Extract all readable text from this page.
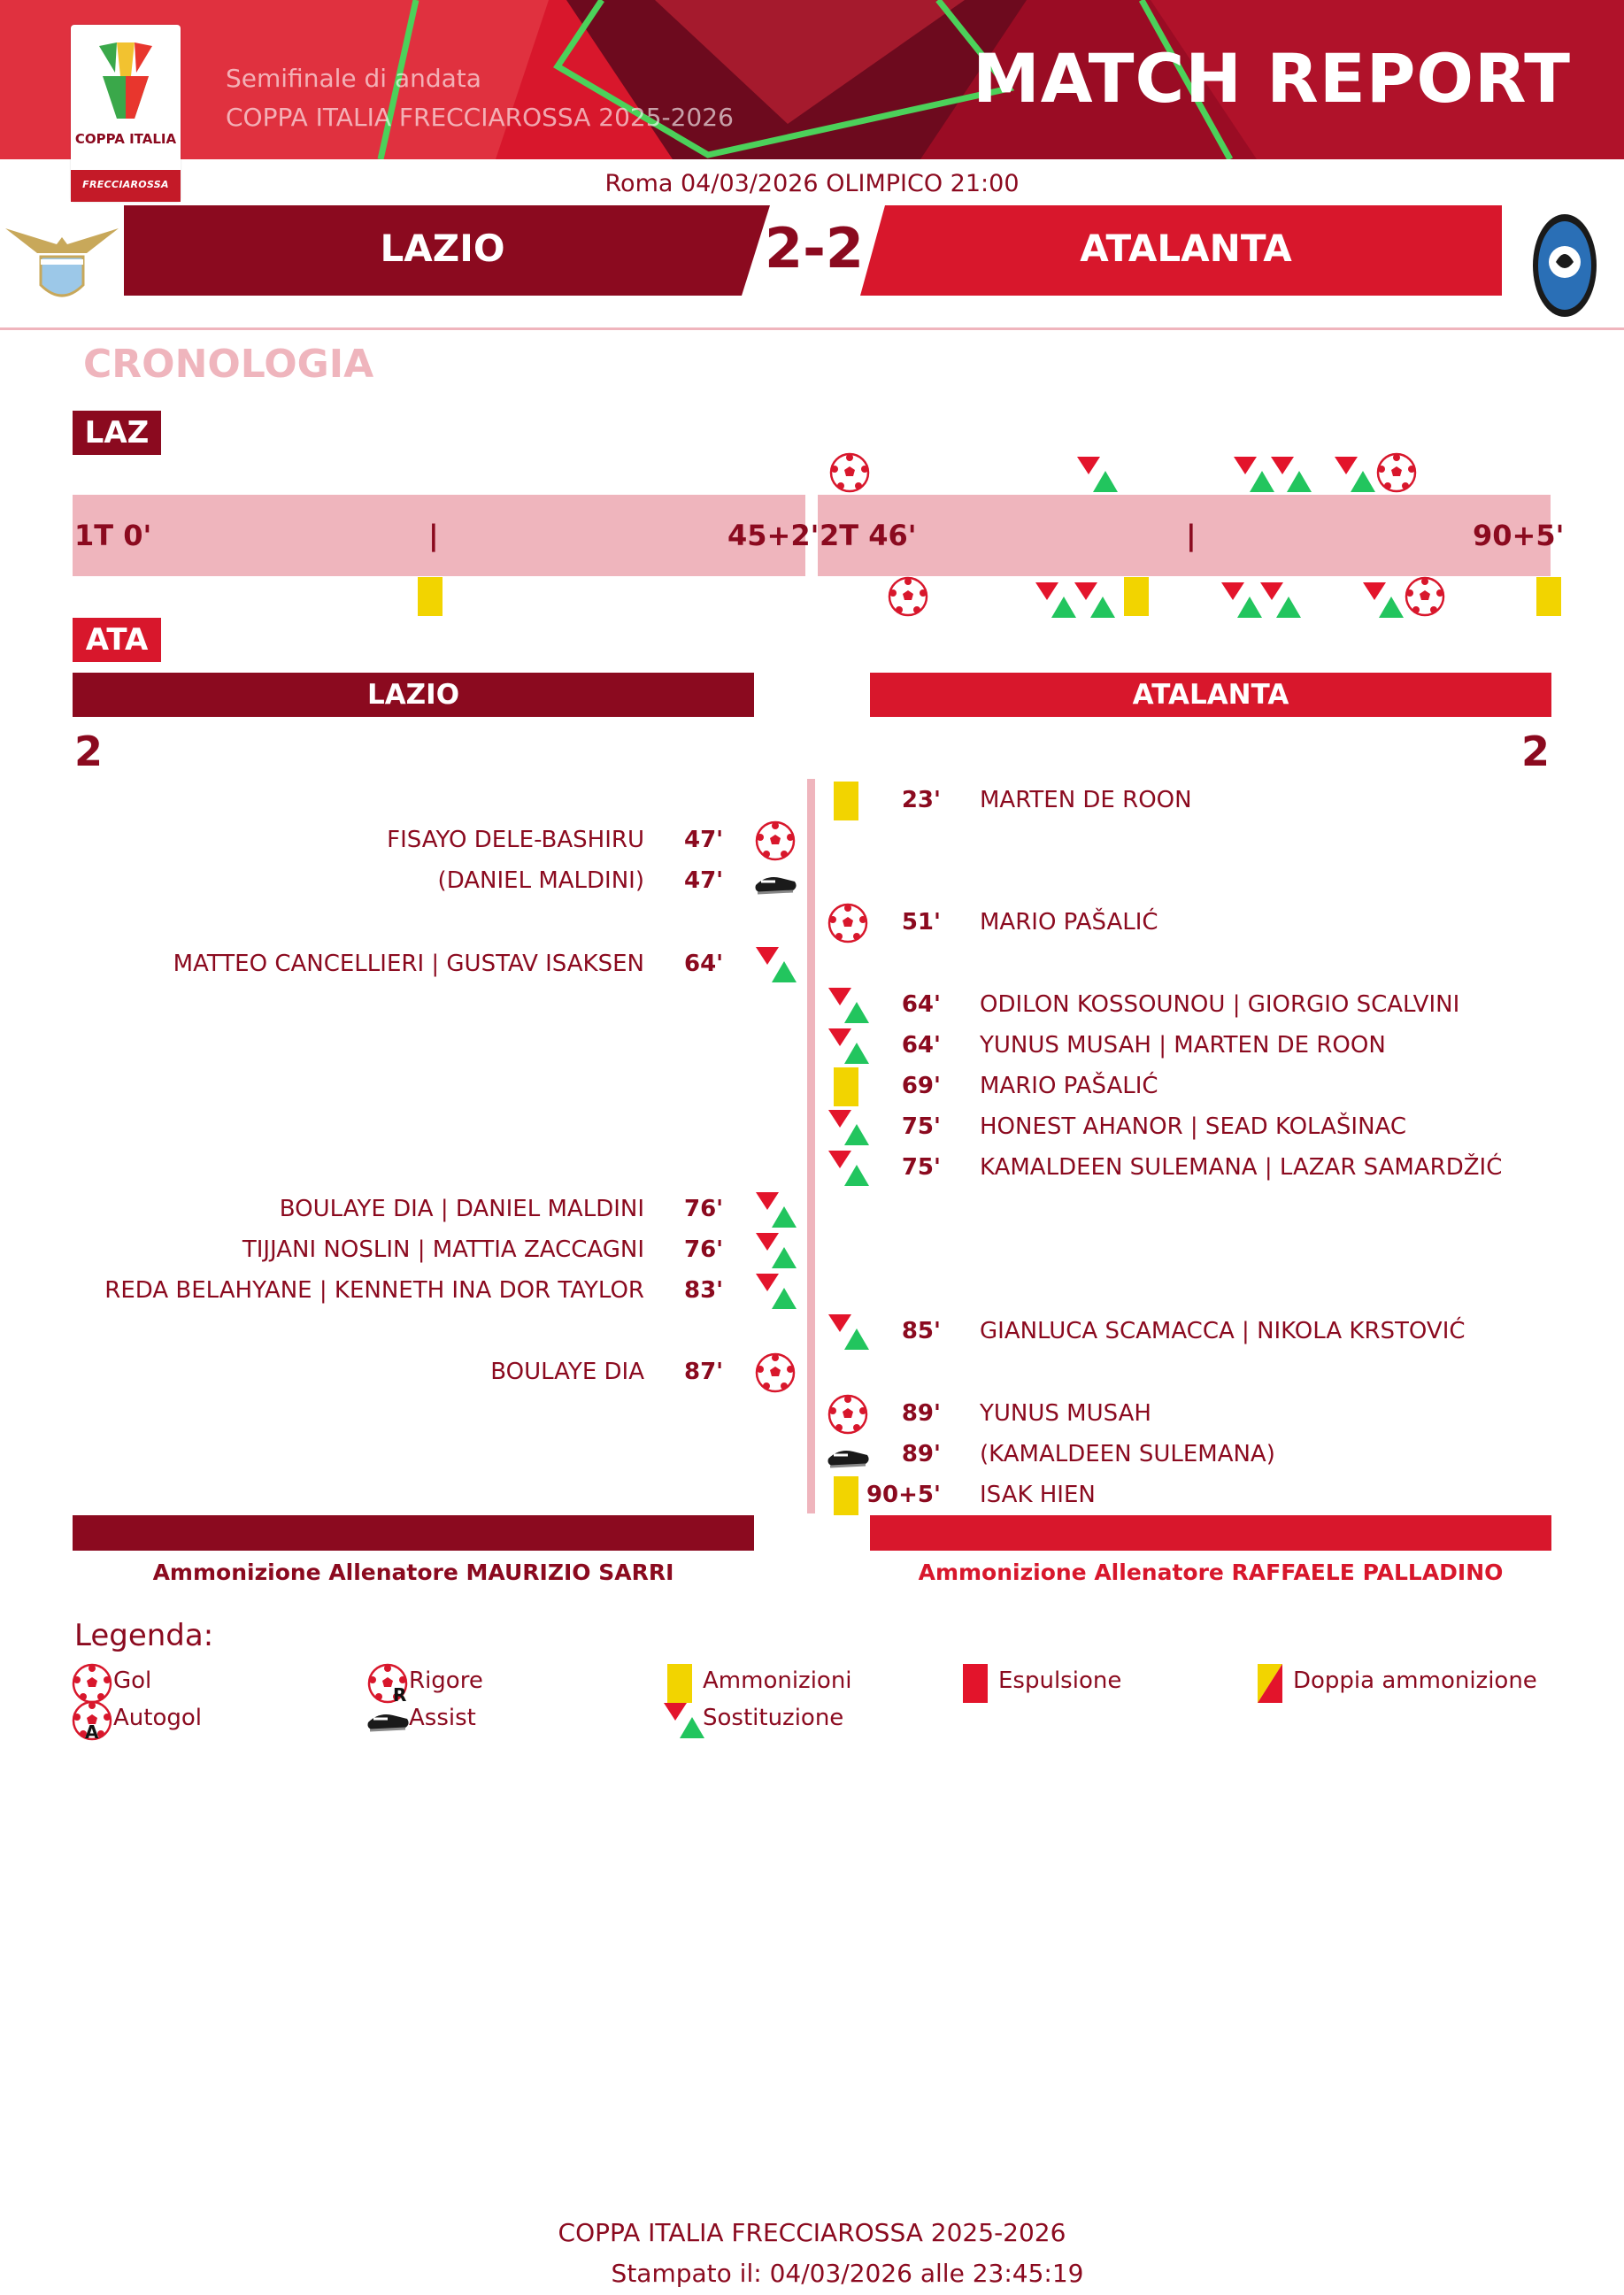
COPPA ITALIA
FRECCIAROSSA
Semifinale di andata
COPPA ITALIA FRECCIAROSSA 2025-2026	MATCH REPORT
Roma 04/03/2026 OLIMPICO 21:00
LAZIO	ATALANTA
2-2
CRONOLOGIA
LAZ
ATA
1T 0'	|	45+2' 2T 46'	|	90+5'
LAZIO	ATALANTA
2	2
FISAYO DELE-BASHIRU 47'
(DANIEL MALDINI) 47'
MATTEO CANCELLIERI | GUSTAV ISAKSEN 64'
BOULAYE DIA | DANIEL MALDINI 76'
TIJJANI NOSLIN | MATTIA ZACCAGNI 76'
REDA BELAHYANE | KENNETH INA DOR TAYLOR 83'
BOULAYE DIA 87'
23' MARTEN DE ROON
51' MARIO PAŠALIĆ
64' ODILON KOSSOUNOU | GIORGIO SCALVINI
64' YUNUS MUSAH | MARTEN DE ROON
69' MARIO PAŠALIĆ
75' HONEST AHANOR | SEAD KOLAŠINAC
75' KAMALDEEN SULEMANA | LAZAR SAMARDŽIĆ
85' GIANLUCA SCAMACCA | NIKOLA KRSTOVIĆ
89' YUNUS MUSAH
89' (KAMALDEEN SULEMANA)
90+5' ISAK HIEN
Ammonizione Allenatore MAURIZIO SARRI	Ammonizione Allenatore RAFFAELE PALLADINO
Legenda:
Gol
Autogol
Rigore
Assist
Ammonizioni
Sostituzione
Espulsione	Doppia ammonizione
A
R
COPPA ITALIA FRECCIAROSSA 2025-2026
Stampato il: 04/03/2026 alle 23:45:19
